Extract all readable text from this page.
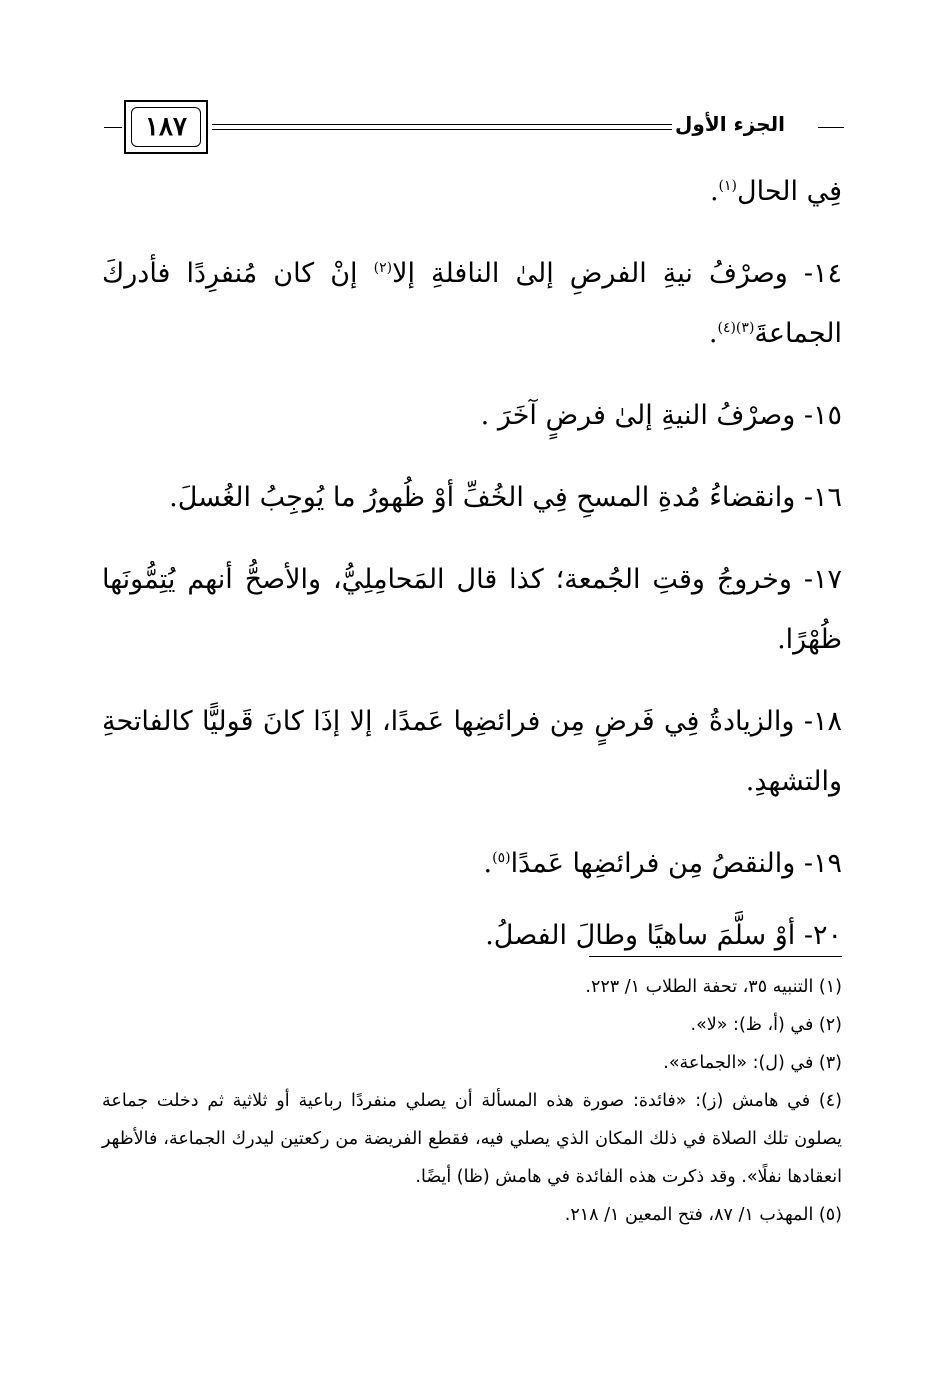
١٨٧	الجزء الأول

فِي الحال$^{(١)}$.

١٤- وصرْفُ نيةِ الفرضِ إلىٰ النافلةِ إلا$^{(٢)}$ إنْ كان مُنفرِدًا فأدركَ الجماعةَ$^{(٣)(٤)}$.

١٥- وصرْفُ النيةِ إلىٰ فرضٍ آخَرَ .

١٦- وانقضاءُ مُدةِ المسحِ فِي الخُفِّ أوْ ظُهورُ ما يُوجِبُ الغُسلَ.

١٧- وخروجُ وقتِ الجُمعة؛ كذا قال المَحامِلِيُّ، والأصحُّ أنهم يُتِمُّونَها ظُهْرًا.

١٨- والزيادةُ فِي فَرضٍ مِن فرائضِها عَمدًا، إلا إذَا كانَ قَوليًّا كالفاتحةِ والتشهدِ.

١٩- والنقصُ مِن فرائضِها عَمدًا$^{(٥)}$.

٢٠- أوْ سلَّمَ ساهيًا وطالَ الفصلُ.

(١) التنبيه ٣٥، تحفة الطلاب ١/ ٢٢٣.

(٢) في (أ، ظ): «لا».

(٣) في (ل): «الجماعة».

(٤) في هامش (ز): «فائدة: صورة هذه المسألة أن يصلي منفردًا رباعية أو ثلاثية ثم دخلت جماعة يصلون تلك الصلاة في ذلك المكان الذي يصلي فيه، فقطع الفريضة من ركعتين ليدرك الجماعة، فالأظهر انعقادها نفلًا». وقد ذكرت هذه الفائدة في هامش (ظا) أيضًا.

(٥) المهذب ١/ ٨٧، فتح المعين ١/ ٢١٨.
